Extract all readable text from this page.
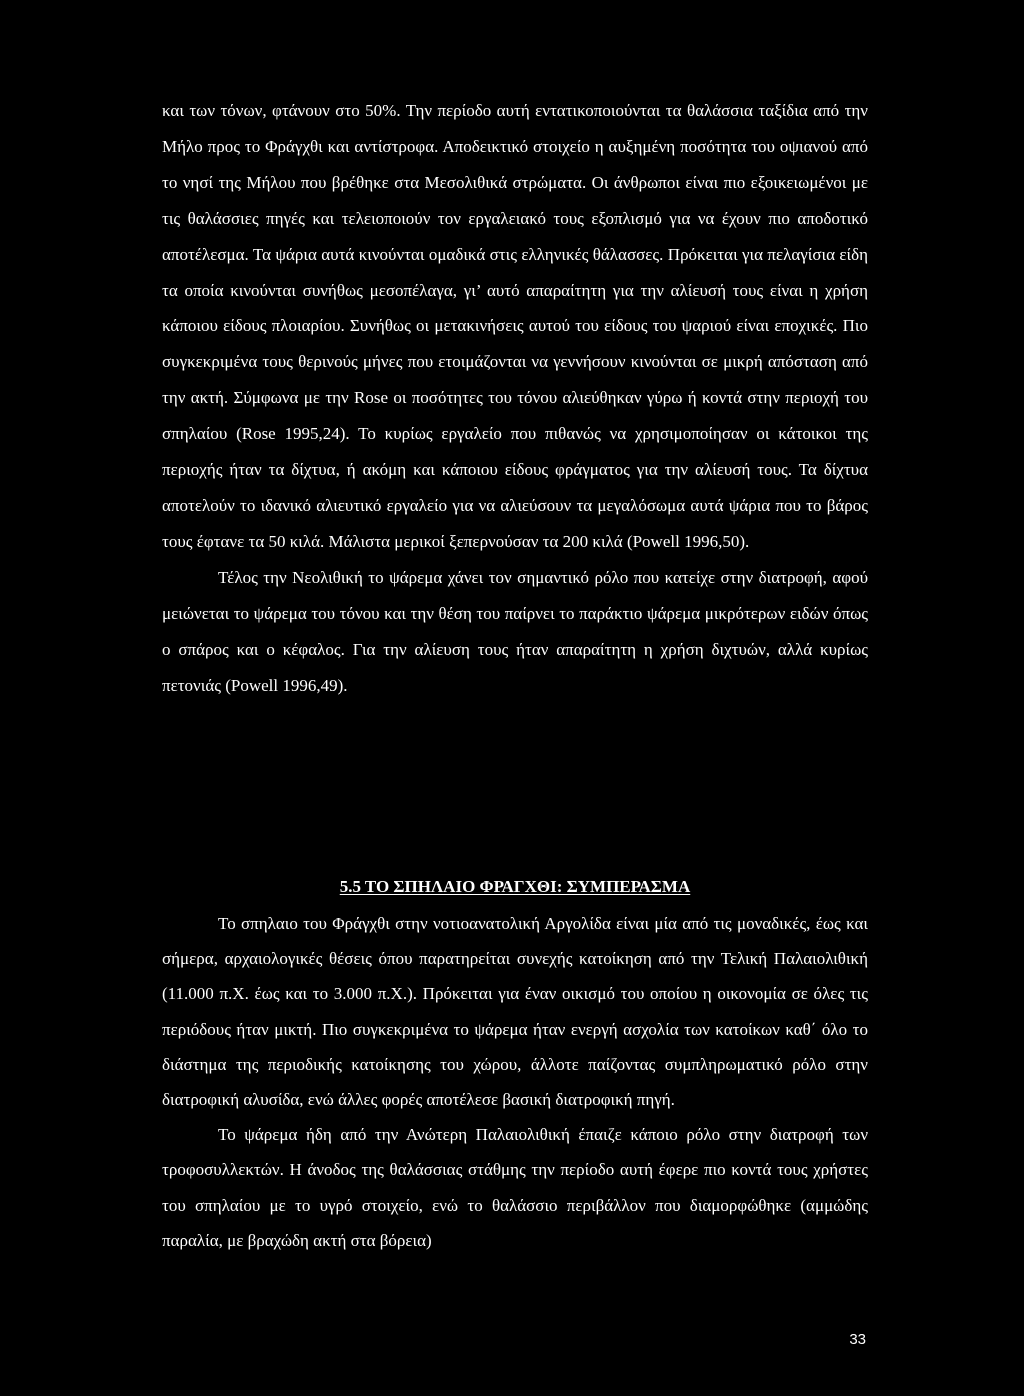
και των τόνων, φτάνουν στο 50%. Την περίοδο αυτή εντατικοποιούνται τα θαλάσσια ταξίδια από την Μήλο προς το Φράγχθι και αντίστροφα. Αποδεικτικό στοιχείο η αυξημένη ποσότητα του οψιανού από το νησί της Μήλου που βρέθηκε στα Μεσολιθικά στρώματα. Οι άνθρωποι είναι πιο εξοικειωμένοι με τις θαλάσσιες πηγές και τελειοποιούν τον εργαλειακό τους εξοπλισμό για να έχουν πιο αποδοτικό αποτέλεσμα. Τα ψάρια αυτά κινούνται ομαδικά στις ελληνικές θάλασσες. Πρόκειται για πελαγίσια είδη τα οποία κινούνται συνήθως μεσοπέλαγα, γι’ αυτό απαραίτητη για την αλίευσή τους είναι η χρήση κάποιου είδους πλοιαρίου. Συνήθως οι μετακινήσεις αυτού του είδους του ψαριού είναι εποχικές. Πιο συγκεκριμένα τους θερινούς μήνες που ετοιμάζονται να γεννήσουν κινούνται σε μικρή απόσταση από την ακτή. Σύμφωνα με την Rose οι ποσότητες του τόνου αλιεύθηκαν γύρω ή κοντά στην περιοχή του σπηλαίου (Rose 1995,24). Το κυρίως εργαλείο που πιθανώς να χρησιμοποίησαν οι κάτοικοι της περιοχής ήταν τα δίχτυα, ή ακόμη και κάποιου είδους φράγματος για την αλίευσή τους. Τα δίχτυα αποτελούν το ιδανικό αλιευτικό εργαλείο για να αλιεύσουν τα μεγαλόσωμα αυτά ψάρια που το βάρος τους έφτανε τα 50 κιλά. Μάλιστα μερικοί ξεπερνούσαν τα 200 κιλά (Powell 1996,50).

Τέλος την Νεολιθική το ψάρεμα χάνει τον σημαντικό ρόλο που κατείχε στην διατροφή, αφού μειώνεται το ψάρεμα του τόνου και την θέση του παίρνει το παράκτιο ψάρεμα μικρότερων ειδών όπως ο σπάρος και ο κέφαλος. Για την αλίευση τους ήταν απαραίτητη η χρήση διχτυών, αλλά κυρίως πετονιάς (Powell 1996,49).

5.5 ΤΟ ΣΠΗΛΑΙΟ ΦΡΑΓΧΘΙ: ΣΥΜΠΕΡΑΣΜΑ

Το σπηλαιο του Φράγχθι στην νοτιοανατολική Αργολίδα είναι μία από τις μοναδικές, έως και σήμερα, αρχαιολογικές θέσεις όπου παρατηρείται συνεχής κατοίκηση από την Τελική Παλαιολιθική (11.000 π.Χ. έως και το 3.000 π.Χ.). Πρόκειται για έναν οικισμό του οποίου η οικονομία σε όλες τις περιόδους ήταν μικτή. Πιο συγκεκριμένα το ψάρεμα ήταν ενεργή ασχολία των κατοίκων καθ΄ όλο το διάστημα της περιοδικής κατοίκησης του χώρου, άλλοτε παίζοντας συμπληρωματικό ρόλο στην διατροφική αλυσίδα, ενώ άλλες φορές αποτέλεσε βασική διατροφική πηγή.

Το ψάρεμα ήδη από την Ανώτερη Παλαιολιθική έπαιζε κάποιο ρόλο στην διατροφή των τροφοσυλλεκτών. Η άνοδος της θαλάσσιας στάθμης την περίοδο αυτή έφερε πιο κοντά τους χρήστες του σπηλαίου με το υγρό στοιχείο, ενώ το θαλάσσιο περιβάλλον που διαμορφώθηκε (αμμώδης παραλία, με βραχώδη ακτή στα βόρεια)

33
